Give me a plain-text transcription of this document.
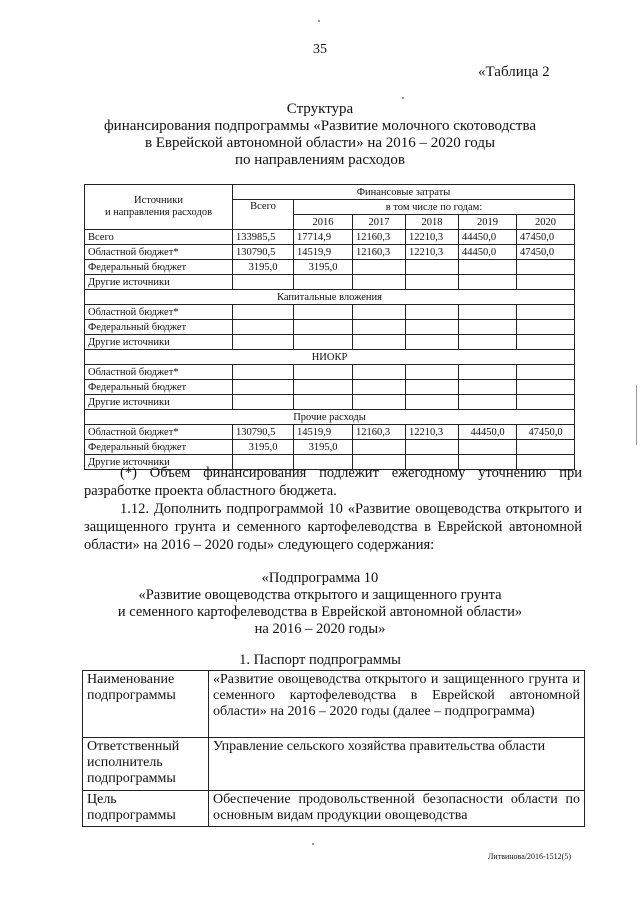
35
«Таблица 2
Структура
финансирования подпрограммы «Развитие молочного скотоводства
в Еврейской автономной области» на 2016 – 2020 годы
по направлениям расходов
Источники
и направления расходов	Финансовые затраты					
	Всего	в том числе по годам:				
		2016	2017	2018	2019	2020
Всего	133985,5	17714,9	12160,3	12210,3	44450,0	47450,0
Областной бюджет*	130790,5	14519,9	12160,3	12210,3	44450,0	47450,0
Федеральный бюджет	3195,0	3195,0				
Другие источники						
Капитальные вложения						
Областной бюджет*						
Федеральный бюджет						
Другие источники						
НИОКР						
Областной бюджет*						
Федеральный бюджет						
Другие источники						
Прочие расходы						
Областной бюджет*	130790,5	14519,9	12160,3	12210,3	44450,0	47450,0
Федеральный бюджет	3195,0	3195,0				
Другие источники						
(*) Объем финансирования подлежит ежегодному уточнению при разработке проекта областного бюджета.
1.12. Дополнить подпрограммой 10 «Развитие овощеводства открытого и защищенного грунта и семенного картофелеводства в Еврейской автономной области» на 2016 – 2020 годы» следующего содержания:
«Подпрограмма 10
«Развитие овощеводства открытого и защищенного грунта
и семенного картофелеводства в Еврейской автономной области»
на 2016 – 2020 годы»
1. Паспорт подпрограммы
Наименование подпрограммы	«Развитие овощеводства открытого и защищенного грунта и семенного картофелеводства в Еврейской автономной области» на 2016 – 2020 годы (далее – подпрограмма)
Ответственный исполнитель подпрограммы	Управление сельского хозяйства правительства области
Цель подпрограммы	Обеспечение продовольственной безопасности области по основным видам продукции овощеводства
Литвинова/2016-1512(5)
